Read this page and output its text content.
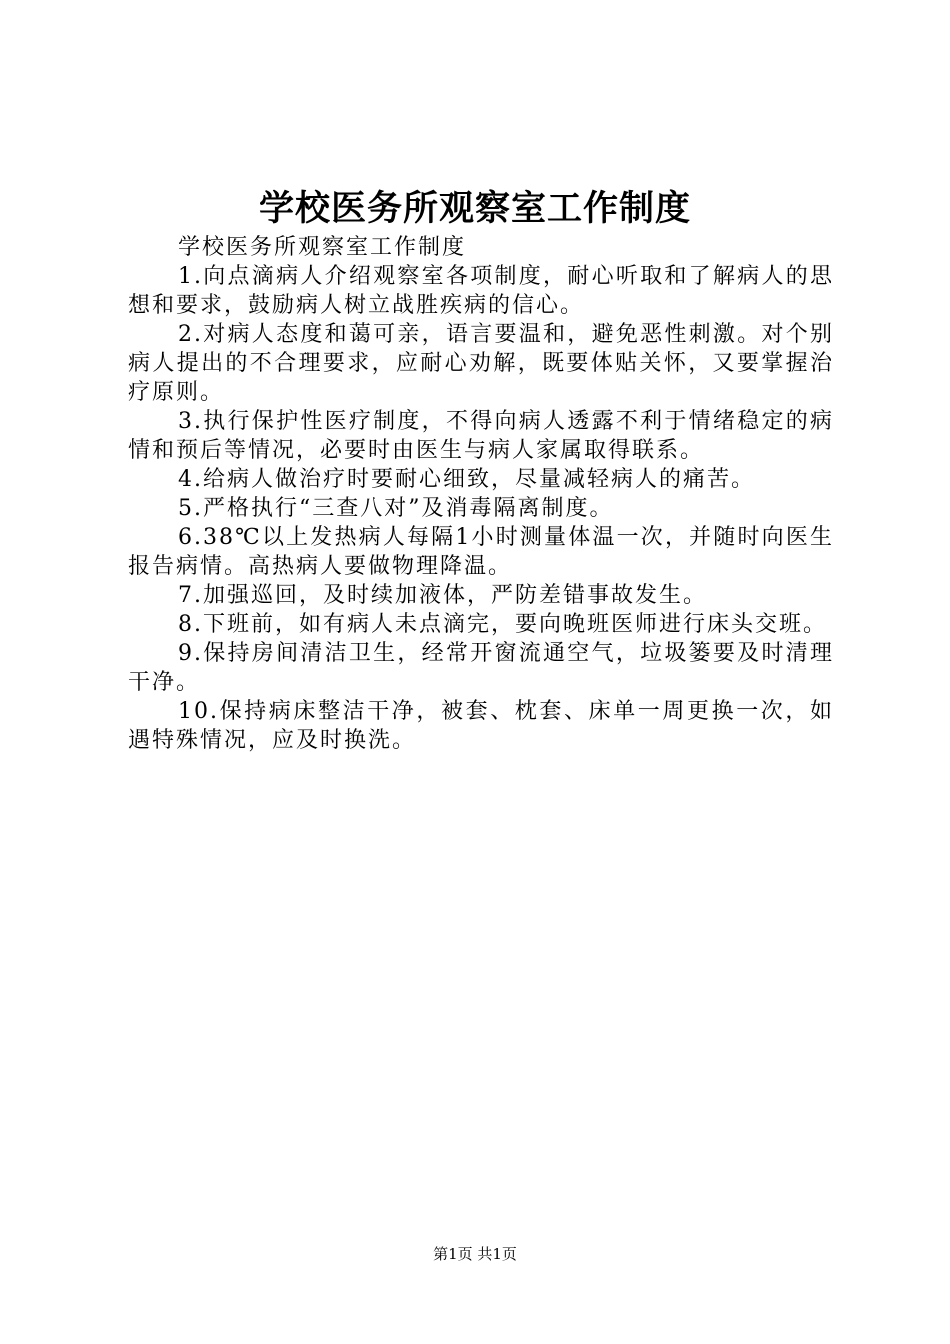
学校医务所观察室工作制度

学校医务所观察室工作制度

1.向点滴病人介绍观察室各项制度，耐心听取和了解病人的思想和要求，鼓励病人树立战胜疾病的信心。

2.对病人态度和蔼可亲，语言要温和，避免恶性刺激。对个别病人提出的不合理要求，应耐心劝解，既要体贴关怀，又要掌握治疗原则。

3.执行保护性医疗制度，不得向病人透露不利于情绪稳定的病情和预后等情况，必要时由医生与病人家属取得联系。

4.给病人做治疗时要耐心细致，尽量减轻病人的痛苦。

5.严格执行“三查八对”及消毒隔离制度。

6.38℃以上发热病人每隔1小时测量体温一次，并随时向医生报告病情。高热病人要做物理降温。

7.加强巡回，及时续加液体，严防差错事故发生。

8.下班前，如有病人未点滴完，要向晚班医师进行床头交班。

9.保持房间清洁卫生，经常开窗流通空气，垃圾篓要及时清理干净。

10.保持病床整洁干净，被套、枕套、床单一周更换一次，如遇特殊情况，应及时换洗。

第1页 共1页
